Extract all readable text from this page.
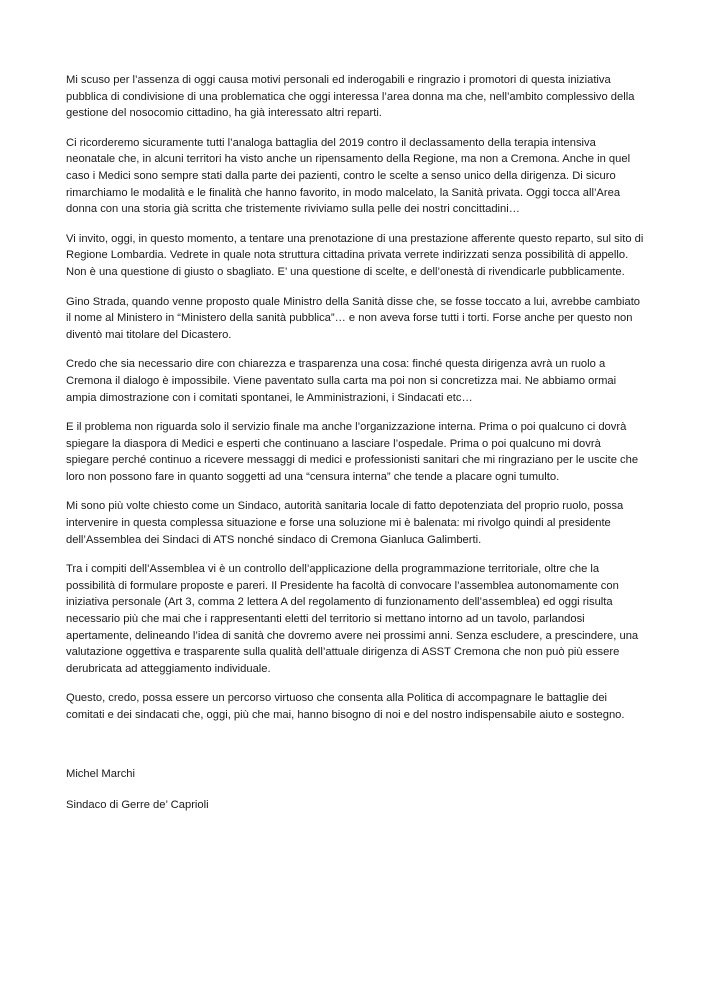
Mi scuso per l’assenza di oggi causa motivi personali ed inderogabili e ringrazio i promotori di questa iniziativa pubblica di condivisione di una problematica che oggi interessa l’area donna ma che, nell’ambito complessivo della gestione del nosocomio cittadino, ha già interessato altri reparti.

Ci ricorderemo sicuramente tutti l’analoga battaglia del 2019 contro il declassamento della terapia intensiva neonatale che, in alcuni territori ha visto anche un ripensamento della Regione, ma non a Cremona. Anche in quel caso i Medici sono sempre stati dalla parte dei pazienti, contro le scelte a senso unico della dirigenza. Di sicuro rimarchiamo le modalità e le finalità che hanno favorito, in modo malcelato, la Sanità privata. Oggi tocca all’Area donna con una storia già scritta che tristemente riviviamo sulla pelle dei nostri concittadini…

Vi invito, oggi, in questo momento, a tentare una prenotazione di una prestazione afferente questo reparto, sul sito di Regione Lombardia. Vedrete in quale nota struttura cittadina privata verrete indirizzati senza possibilità di appello. Non è una questione di giusto o sbagliato. E’ una questione di scelte, e dell’onestà di rivendicarle pubblicamente.

Gino Strada, quando venne proposto quale Ministro della Sanità disse che, se fosse toccato a lui, avrebbe cambiato il nome al Ministero in “Ministero della sanità pubblica”… e non aveva forse tutti i torti. Forse anche per questo non diventò mai titolare del Dicastero.

Credo che sia necessario dire con chiarezza e trasparenza una cosa: finché questa dirigenza avrà un ruolo a Cremona il dialogo è impossibile. Viene paventato sulla carta ma poi non si concretizza mai. Ne abbiamo ormai ampia dimostrazione con i comitati spontanei, le Amministrazioni, i Sindacati etc…

E il problema non riguarda solo il servizio finale ma anche l’organizzazione interna. Prima o poi qualcuno ci dovrà spiegare la diaspora di Medici e esperti che continuano a lasciare l’ospedale. Prima o poi qualcuno mi dovrà spiegare perché continuo a ricevere messaggi di medici e professionisti sanitari che mi ringraziano per le uscite che loro non possono fare in quanto soggetti ad una “censura interna” che tende a placare ogni tumulto.

Mi sono più volte chiesto come un Sindaco, autorità sanitaria locale di fatto depotenziata del proprio ruolo, possa intervenire in questa complessa situazione e forse una soluzione mi è balenata: mi rivolgo quindi al presidente dell’Assemblea dei Sindaci di ATS nonché sindaco di Cremona Gianluca Galimberti.

Tra i compiti dell’Assemblea vi è un controllo dell’applicazione della programmazione territoriale, oltre che la possibilità di formulare proposte e pareri. Il Presidente ha facoltà di convocare l’assemblea autonomamente con iniziativa personale (Art 3, comma 2 lettera A del regolamento di funzionamento dell’assemblea) ed oggi risulta necessario più che mai che i rappresentanti eletti del territorio si mettano intorno ad un tavolo, parlandosi apertamente, delineando l’idea di sanità che dovremo avere nei prossimi anni. Senza escludere, a prescindere, una valutazione oggettiva e trasparente sulla qualità dell’attuale dirigenza di ASST Cremona che non può più essere derubricata ad atteggiamento individuale.

Questo, credo, possa essere un percorso virtuoso che consenta alla Politica di accompagnare le battaglie dei comitati e dei sindacati che, oggi, più che mai, hanno bisogno di noi e del nostro indispensabile aiuto e sostegno.

Michel Marchi

Sindaco di Gerre de’ Caprioli
